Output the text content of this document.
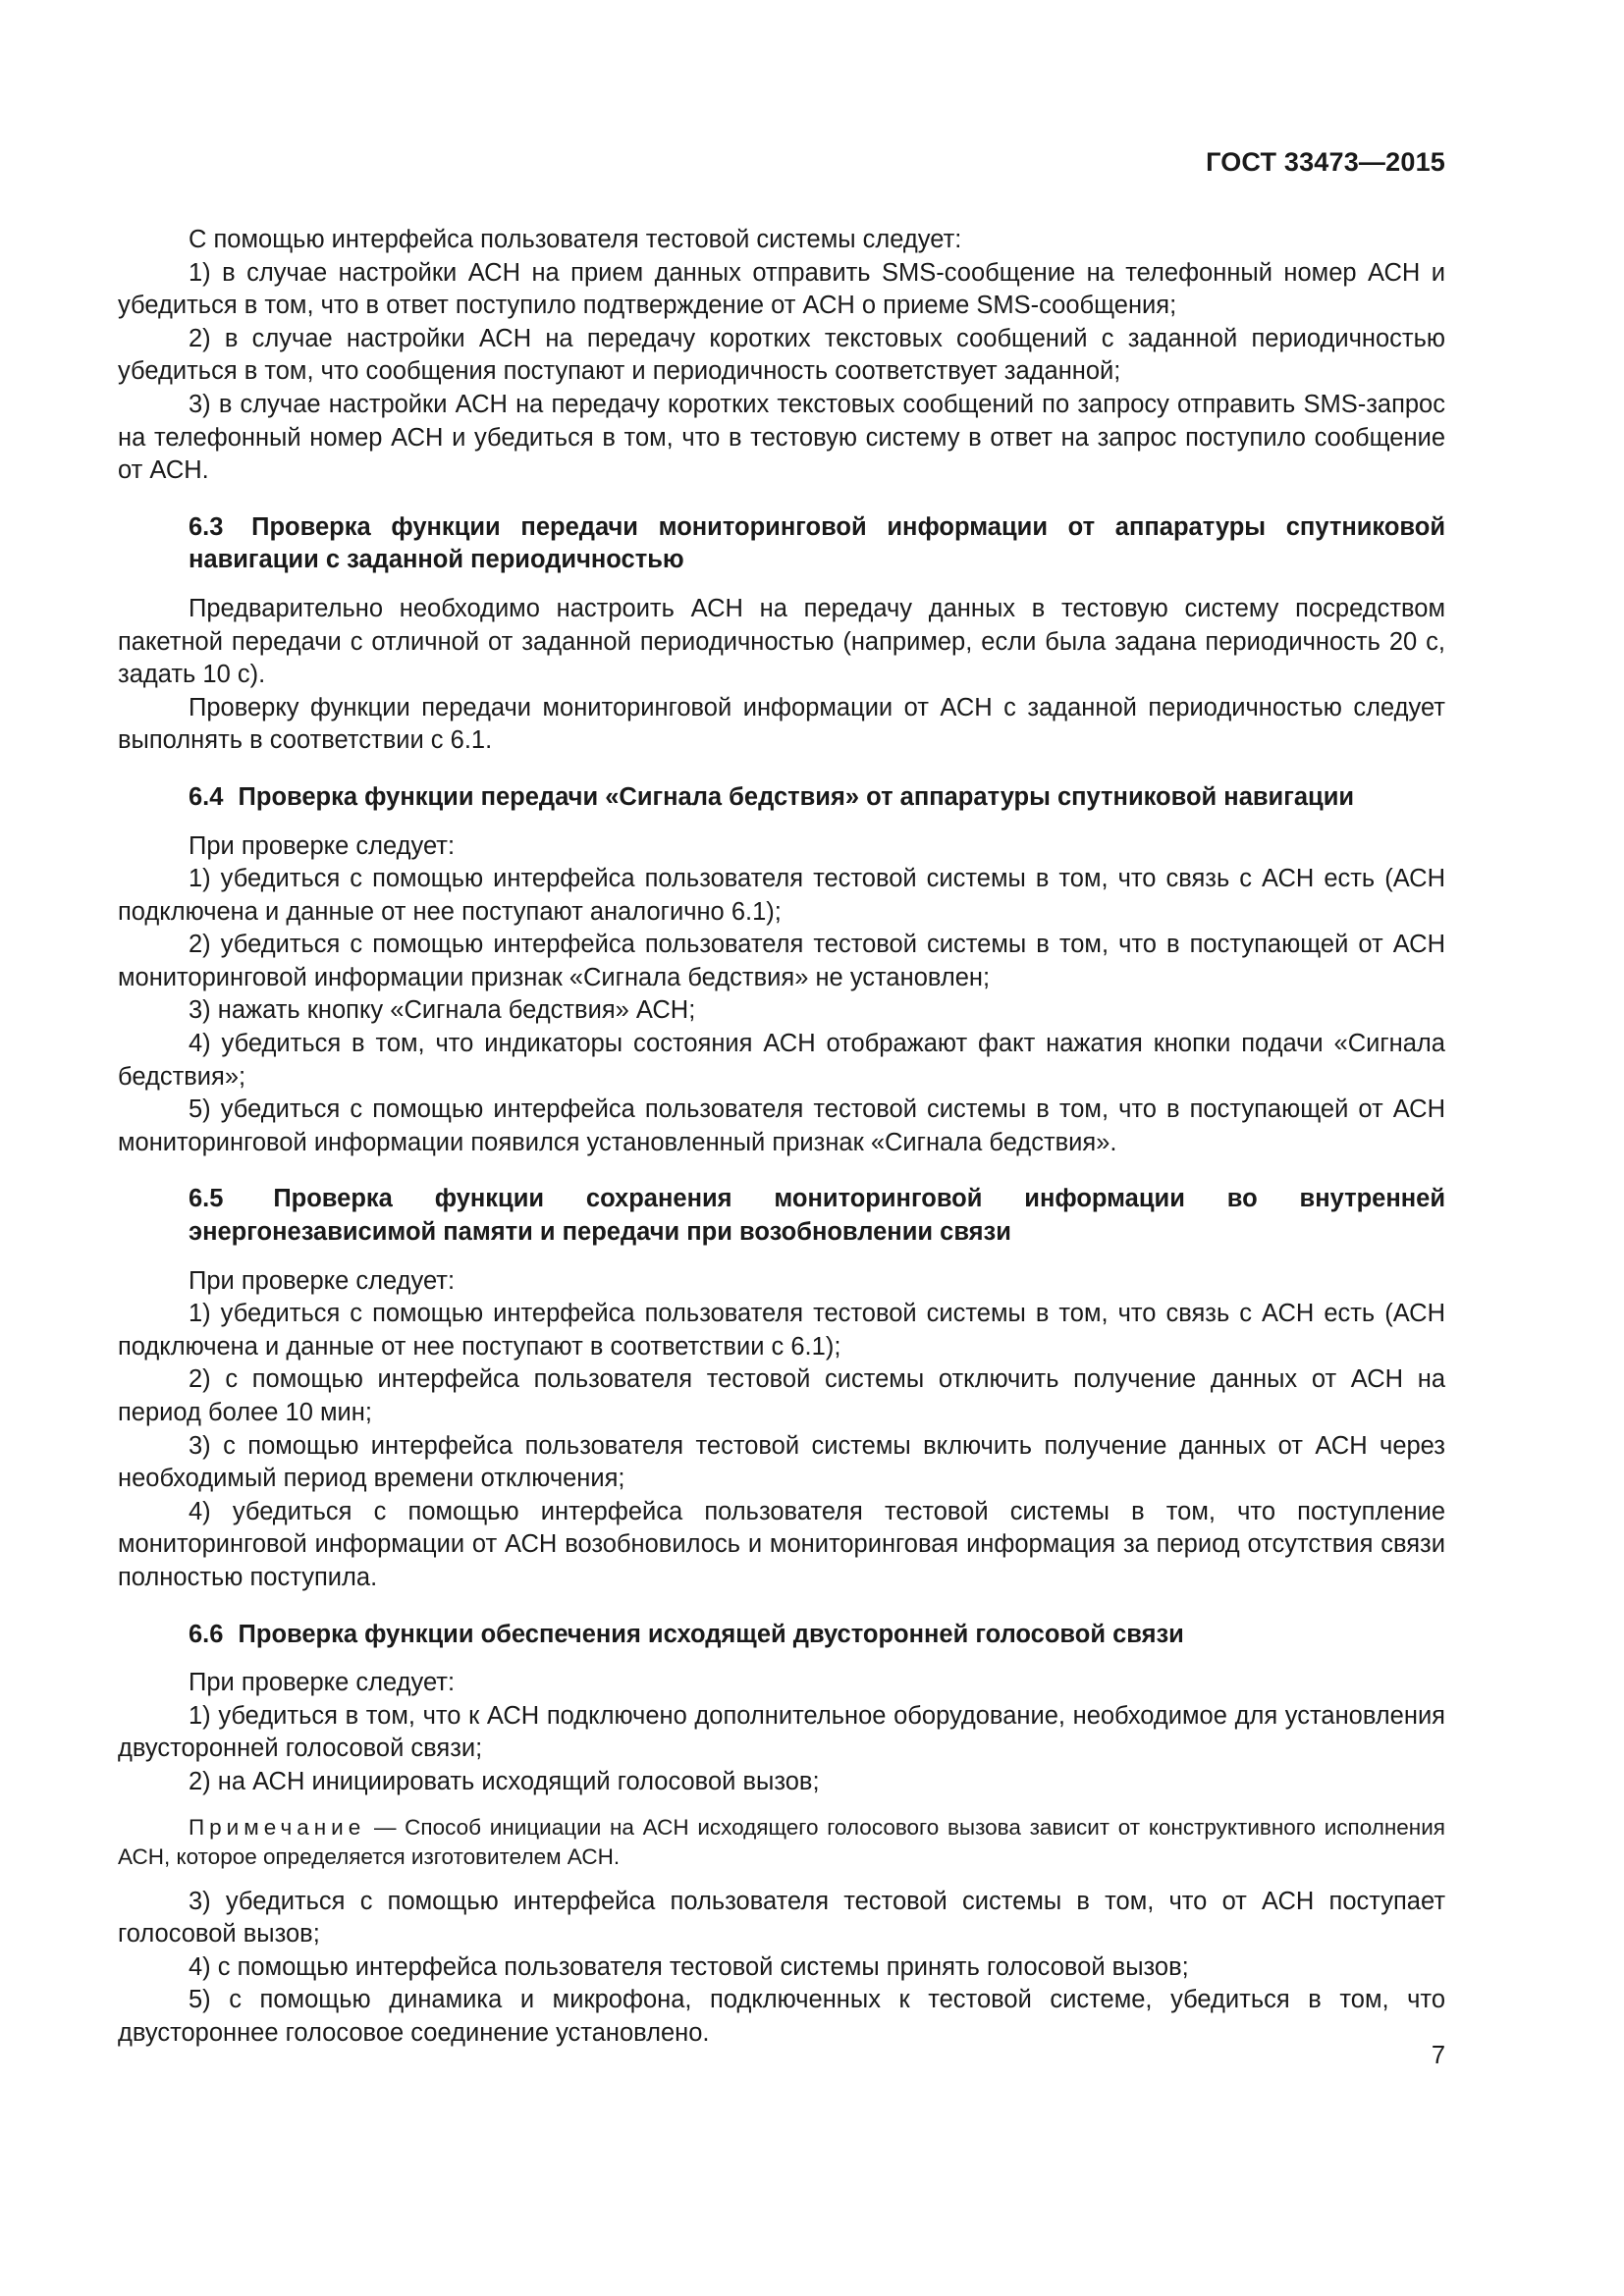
ГОСТ 33473—2015

С помощью интерфейса пользователя тестовой системы следует:

1) в случае настройки АСН на прием данных отправить SMS-сообщение на телефонный номер АСН и убедиться в том, что в ответ поступило подтверждение от АСН о приеме SMS-сообщения;

2) в случае настройки АСН на передачу коротких текстовых сообщений с заданной периодичностью убедиться в том, что сообщения поступают и периодичность соответствует заданной;

3) в случае настройки АСН на передачу коротких текстовых сообщений по запросу отправить SMS-запрос на телефонный номер АСН и убедиться в том, что в тестовую систему в ответ на запрос поступило сообщение от АСН.

6.3 Проверка функции передачи мониторинговой информации от аппаратуры спутниковой навигации с заданной периодичностью

Предварительно необходимо настроить АСН на передачу данных в тестовую систему посредством пакетной передачи с отличной от заданной периодичностью (например, если была задана периодичность 20 с, задать 10 с).

Проверку функции передачи мониторинговой информации от АСН с заданной периодичностью следует выполнять в соответствии с 6.1.

6.4 Проверка функции передачи «Сигнала бедствия» от аппаратуры спутниковой навигации

При проверке следует:

1) убедиться с помощью интерфейса пользователя тестовой системы в том, что связь с АСН есть (АСН подключена и данные от нее поступают аналогично 6.1);

2) убедиться с помощью интерфейса пользователя тестовой системы в том, что в поступающей от АСН мониторинговой информации признак «Сигнала бедствия» не установлен;

3) нажать кнопку «Сигнала бедствия» АСН;

4) убедиться в том, что индикаторы состояния АСН отображают факт нажатия кнопки подачи «Сигнала бедствия»;

5) убедиться с помощью интерфейса пользователя тестовой системы в том, что в поступающей от АСН мониторинговой информации появился установленный признак «Сигнала бедствия».

6.5 Проверка функции сохранения мониторинговой информации во внутренней энергонезависимой памяти и передачи при возобновлении связи

При проверке следует:

1) убедиться с помощью интерфейса пользователя тестовой системы в том, что связь с АСН есть (АСН подключена и данные от нее поступают в соответствии с 6.1);

2) с помощью интерфейса пользователя тестовой системы отключить получение данных от АСН на период более 10 мин;

3) с помощью интерфейса пользователя тестовой системы включить получение данных от АСН через необходимый период времени отключения;

4) убедиться с помощью интерфейса пользователя тестовой системы в том, что поступление мониторинговой информации от АСН возобновилось и мониторинговая информация за период отсутствия связи полностью поступила.

6.6 Проверка функции обеспечения исходящей двусторонней голосовой связи

При проверке следует:

1) убедиться в том, что к АСН подключено дополнительное оборудование, необходимое для установления двусторонней голосовой связи;

2) на АСН инициировать исходящий голосовой вызов;

Примечание — Способ инициации на АСН исходящего голосового вызова зависит от конструктивного исполнения АСН, которое определяется изготовителем АСН.

3) убедиться с помощью интерфейса пользователя тестовой системы в том, что от АСН поступает голосовой вызов;

4) с помощью интерфейса пользователя тестовой системы принять голосовой вызов;

5) с помощью динамика и микрофона, подключенных к тестовой системе, убедиться в том, что двустороннее голосовое соединение установлено.

7
